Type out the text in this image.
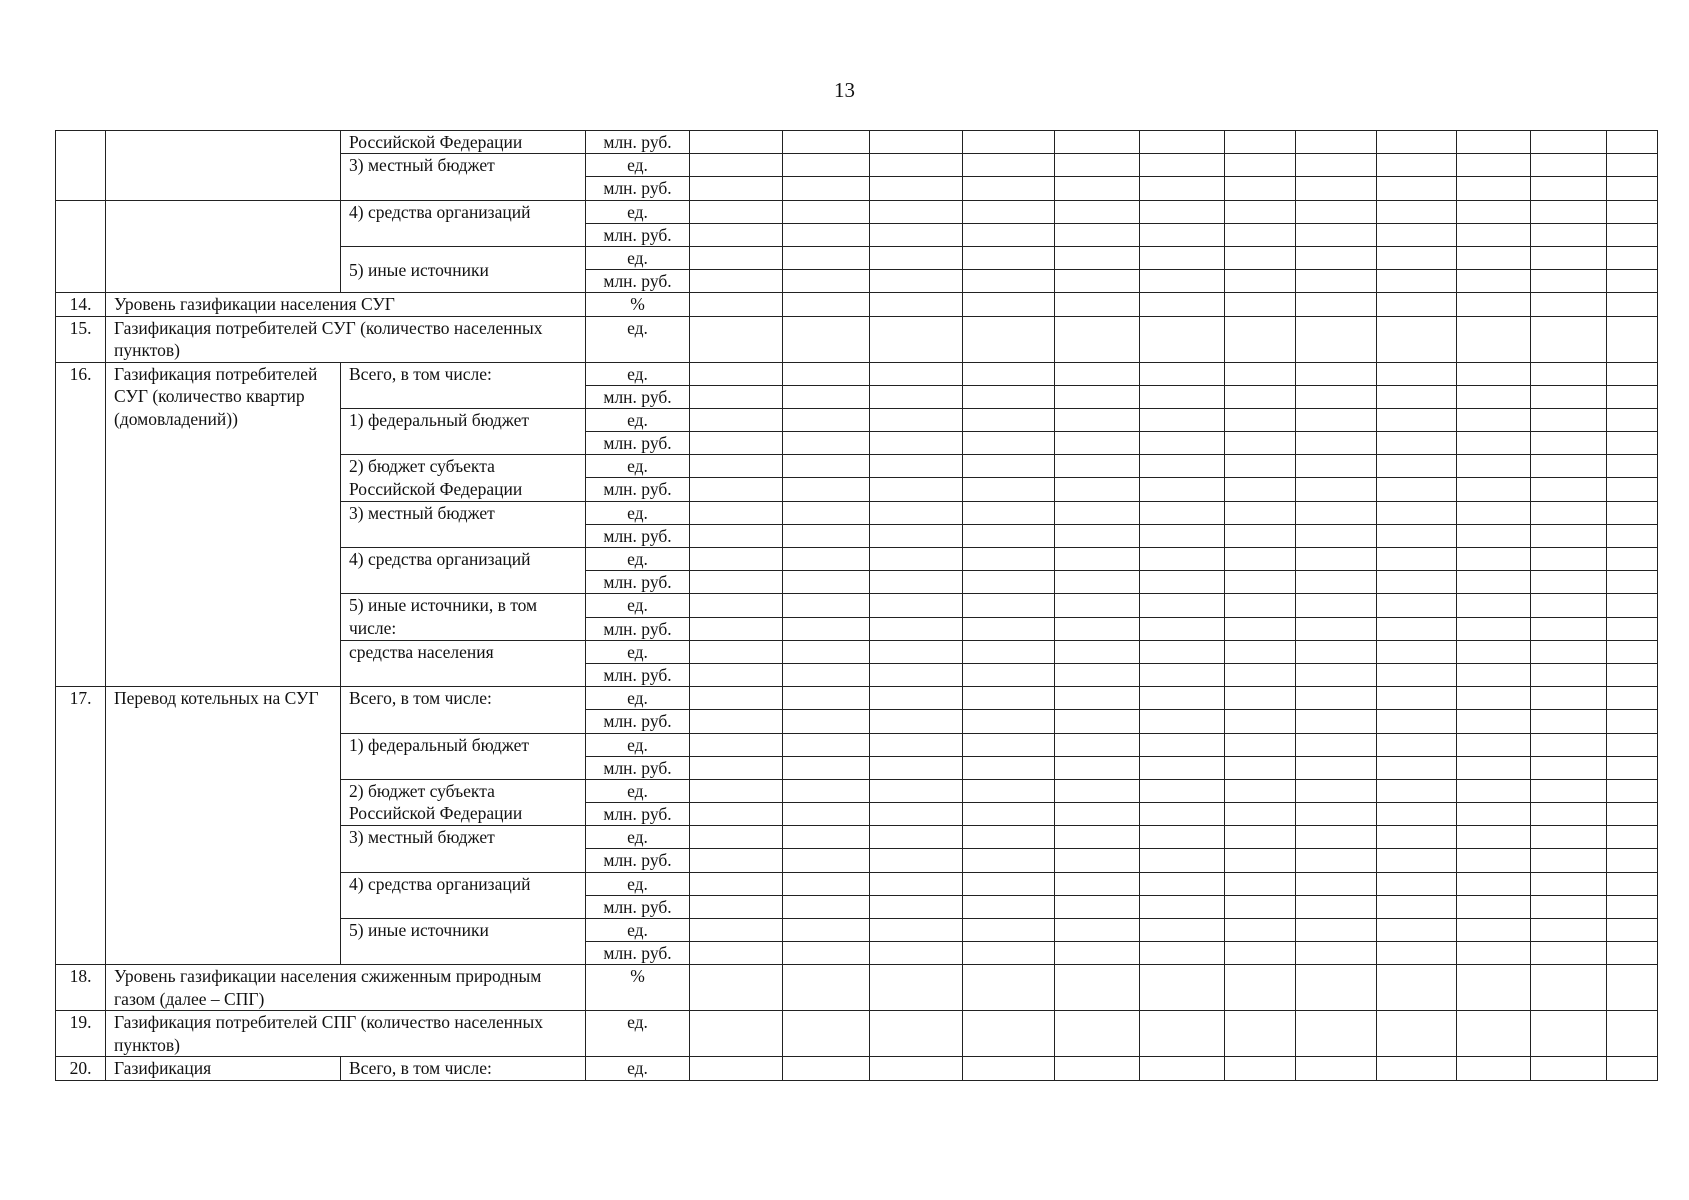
13
		Российской Федерации	млн. руб.												
		3) местный бюджет	ед.												
			млн. руб.												
		4) средства организаций	ед.												
			млн. руб.												
		5) иные источники	ед.												
			млн. руб.												
14.	Уровень газификации населения СУГ		%												
15.	Газификация потребителей СУГ (количество населенных пунктов)		ед.												

16.	Газификация потребителей СУГ (количество квартир (домовладений))	Всего, в том числе:	ед.												
			млн. руб.												
		1) федеральный бюджет	ед.												
			млн. руб.												
		2) бюджет субъекта Российской Федерации	ед.												
			млн. руб.												
		3) местный бюджет	ед.												
			млн. руб.												
		4) средства организаций	ед.												
			млн. руб.												
		5) иные источники, в том числе:	ед.												
			млн. руб.												
		средства населения	ед.												
			млн. руб.												
17.	Перевод котельных на СУГ	Всего, в том числе:	ед.												
			млн. руб.												
		1) федеральный бюджет	ед.												
			млн. руб.												
		2) бюджет субъекта Российской Федерации	ед.												
			млн. руб.												
		3) местный бюджет	ед.												
			млн. руб.												
		4) средства организаций	ед.												
			млн. руб.												
		5) иные источники	ед.												
			млн. руб.												
18.	Уровень газификации населения сжиженным природным газом (далее – СПГ)		%												

19.	Газификация потребителей СПГ (количество населенных пунктов)		ед.												

20.	Газификация	Всего, в том числе:	ед.												
